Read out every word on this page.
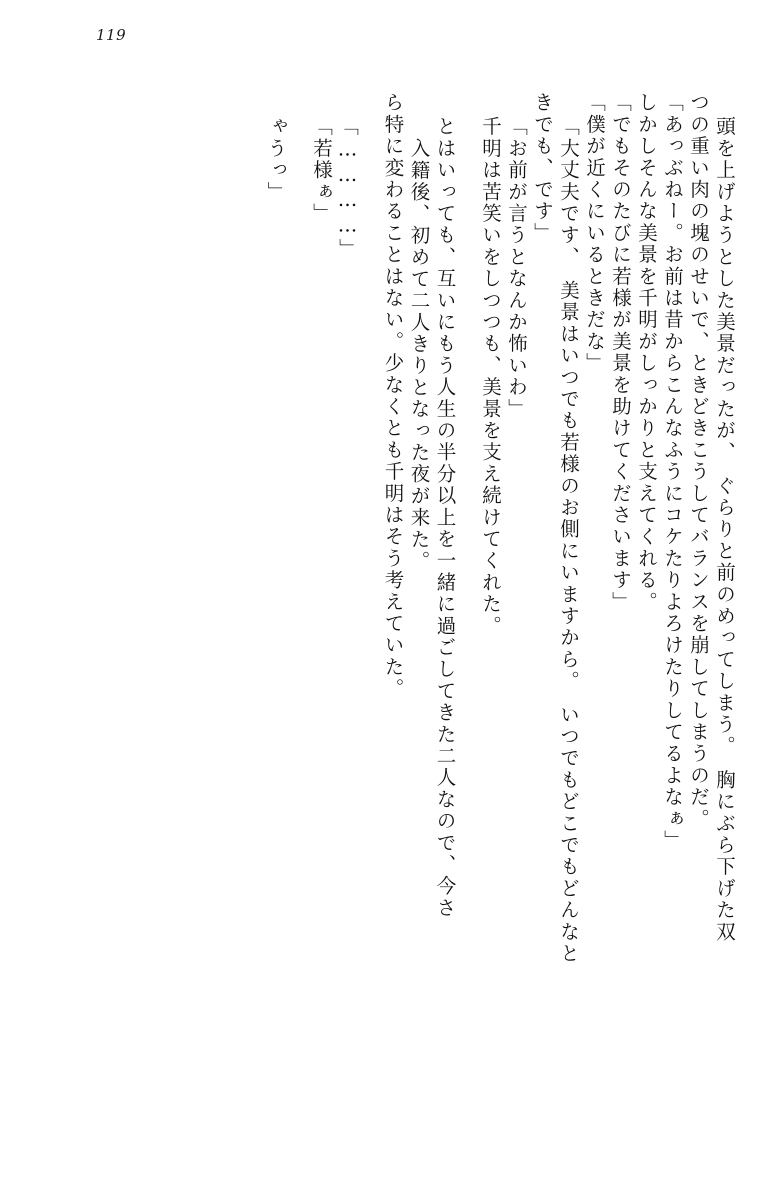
119
頭を上げようとした美景だったが、　ぐらりと前のめってしまう。　胸にぶら下げた双
つの重い肉の塊のせいで、ときどきこうしてバランスを崩してしまうのだ。
「あっぶねー。お前は昔からこんなふうにコケたりよろけたりしてるよなぁ」
しかしそんな美景を千明がしっかりと支えてくれる。
「でもそのたびに若様が美景を助けてくださいます」
「僕が近くにいるときだな」
「大丈夫です、　美景はいつでも若様のお側にいますから。　いつでもどこでもどんなと
きでも、です」
「お前が言うとなんか怖いわ」
千明は苦笑いをしつつも、美景を支え続けてくれた。
とはいっても、互いにもう人生の半分以上を一緒に過ごしてきた二人なので、今さ
入籍後、初めて二人きりとなった夜が来た。
ら特に変わることはない。少なくとも千明はそう考えていた。
「…………」
「若様ぁ」
ゃうっ」
